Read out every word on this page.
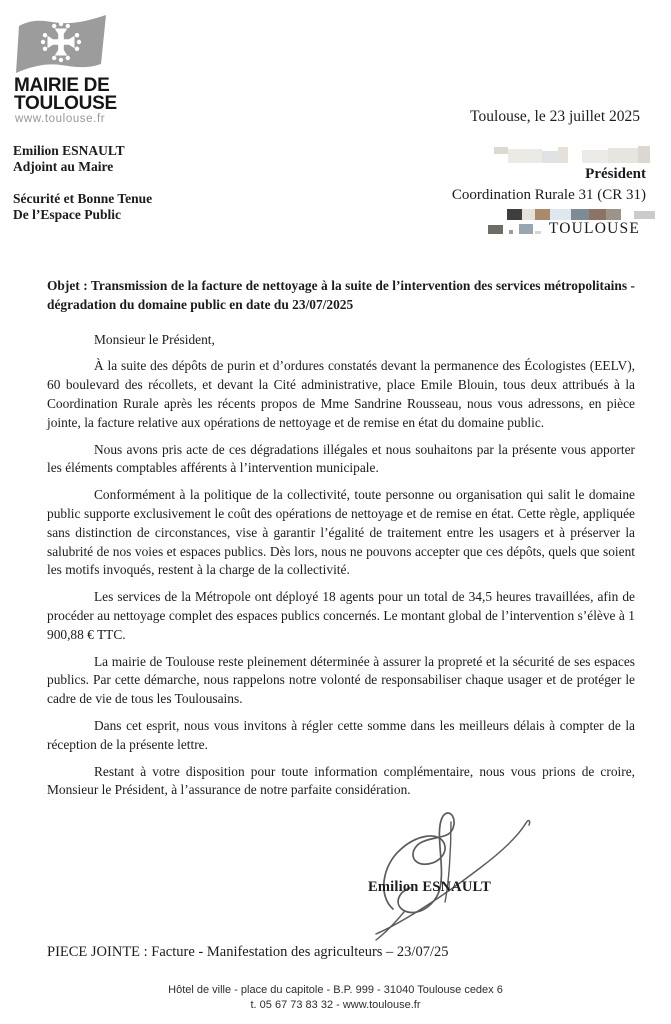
MAIRIE DE
TOULOUSE
www.toulouse.fr	Toulouse, le 23 juillet 2025
Emilion ESNAULT
Adjoint au Maire
Sécurité et Bonne Tenue
De l’Espace Public
Président
Coordination Rurale 31 (CR 31)
TOULOUSE

Objet : Transmission de la facture de nettoyage à la suite de l’intervention des services métropolitains - dégradation du domaine public en date du 23/07/2025

Monsieur le Président,

À la suite des dépôts de purin et d’ordures constatés devant la permanence des Écologistes (EELV), 60 boulevard des récollets, et devant la Cité administrative, place Emile Blouin, tous deux attribués à la Coordination Rurale après les récents propos de Mme Sandrine Rousseau, nous vous adressons, en pièce jointe, la facture relative aux opérations de nettoyage et de remise en état du domaine public.

Nous avons pris acte de ces dégradations illégales et nous souhaitons par la présente vous apporter les éléments comptables afférents à l’intervention municipale.

Conformément à la politique de la collectivité, toute personne ou organisation qui salit le domaine public supporte exclusivement le coût des opérations de nettoyage et de remise en état. Cette règle, appliquée sans distinction de circonstances, vise à garantir l’égalité de traitement entre les usagers et à préserver la salubrité de nos voies et espaces publics. Dès lors, nous ne pouvons accepter que ces dépôts, quels que soient les motifs invoqués, restent à la charge de la collectivité.

Les services de la Métropole ont déployé 18 agents pour un total de 34,5 heures travaillées, afin de procéder au nettoyage complet des espaces publics concernés. Le montant global de l’intervention s’élève à 1 900,88 € TTC.

La mairie de Toulouse reste pleinement déterminée à assurer la propreté et la sécurité de ses espaces publics. Par cette démarche, nous rappelons notre volonté de responsabiliser chaque usager et de protéger le cadre de vie de tous les Toulousains.

Dans cet esprit, nous vous invitons à régler cette somme dans les meilleurs délais à compter de la réception de la présente lettre.

Restant à votre disposition pour toute information complémentaire, nous vous prions de croire, Monsieur le Président, à l’assurance de notre parfaite considération.

Emilion ESNAULT
PIECE JOINTE : Facture - Manifestation des agriculteurs – 23/07/25
Hôtel de ville - place du capitole - B.P. 999 - 31040 Toulouse cedex 6
t. 05 67 73 83 32 - www.toulouse.fr
